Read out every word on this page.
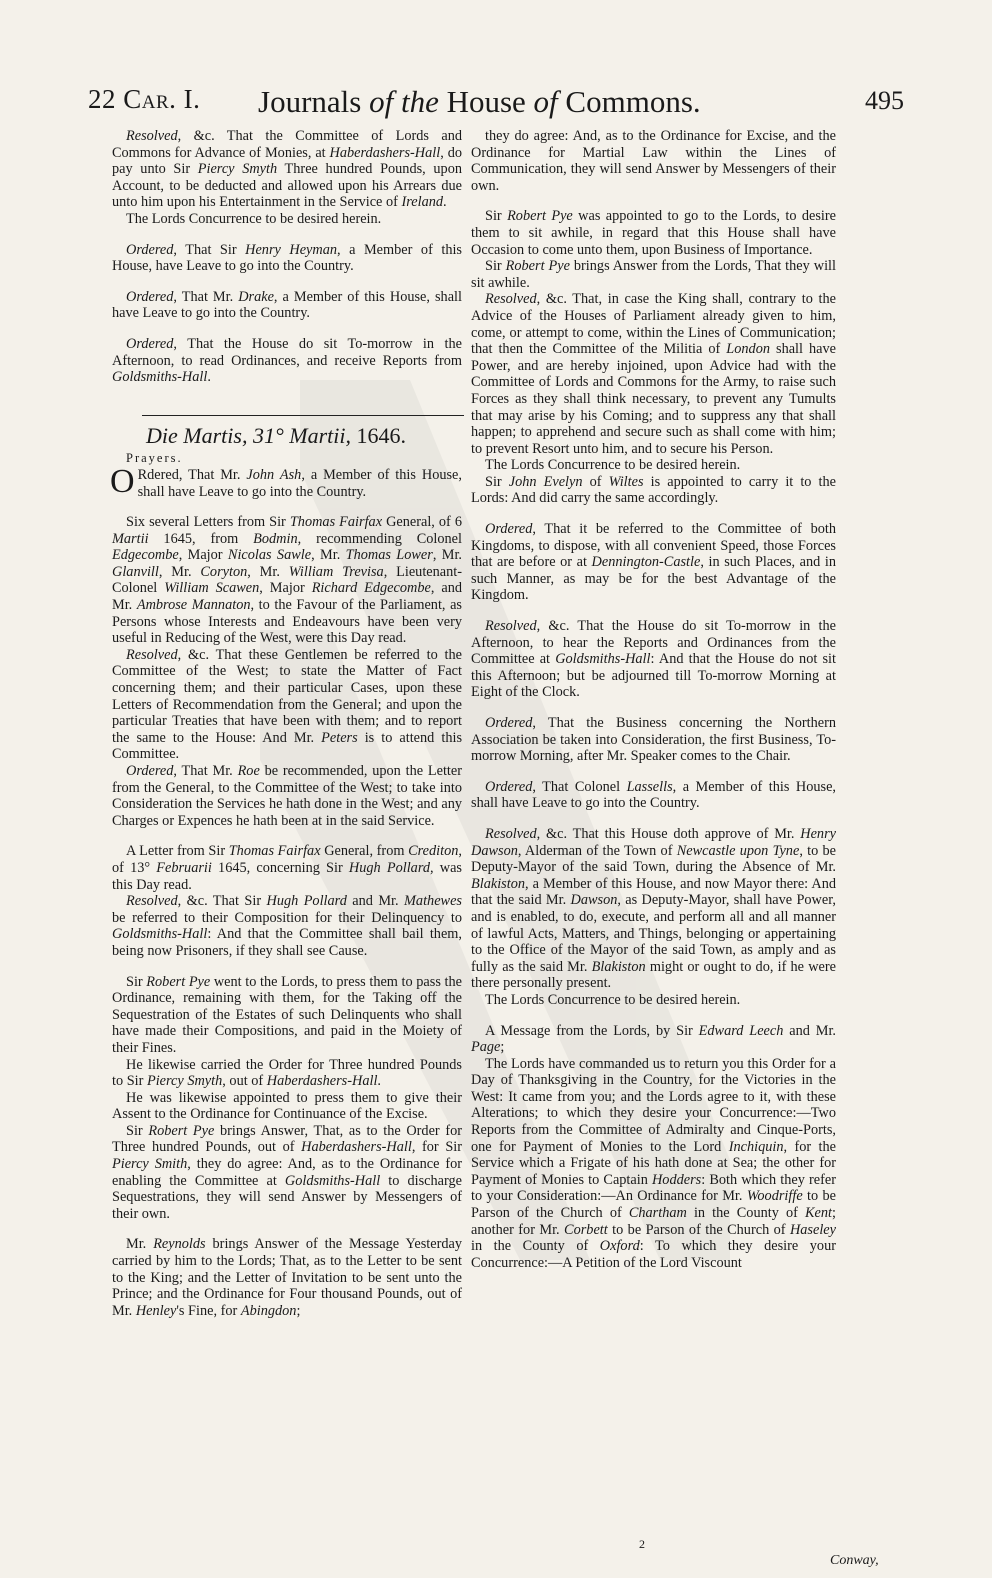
22 Car. I. Journals of the House of Commons.	495

Resolved, &c. That the Committee of Lords and Commons for Advance of Monies, at Haberdashers-Hall, do pay unto Sir Piercy Smyth Three hundred Pounds, upon Account, to be deducted and allowed upon his Arrears due unto him upon his Entertainment in the Service of Ireland.

The Lords Concurrence to be desired herein.

Ordered, That Sir Henry Heyman, a Member of this House, have Leave to go into the Country.

Ordered, That Mr. Drake, a Member of this House, shall have Leave to go into the Country.

Ordered, That the House do sit To-morrow in the Afternoon, to read Ordinances, and receive Reports from Goldsmiths-Hall.

Die Martis, 31° Martii, 1646.
Prayers.

O Rdered, That Mr. John Ash, a Member of this House, shall have Leave to go into the Country.

Six several Letters from Sir Thomas Fairfax General, of 6 Martii 1645, from Bodmin, recommending Colonel Edgecombe, Major Nicolas Sawle, Mr. Thomas Lower, Mr. Glanvill, Mr. Coryton, Mr. William Trevisa, Lieutenant-Colonel William Scawen, Major Richard Edgecombe, and Mr. Ambrose Mannaton, to the Favour of the Parliament, as Persons whose Interests and Endeavours have been very useful in Reducing of the West, were this Day read.

Resolved, &c. That these Gentlemen be referred to the Committee of the West; to state the Matter of Fact concerning them; and their particular Cases, upon these Letters of Recommendation from the General; and upon the particular Treaties that have been with them; and to report the same to the House: And Mr. Peters is to attend this Committee.

Ordered, That Mr. Roe be recommended, upon the Letter from the General, to the Committee of the West; to take into Consideration the Services he hath done in the West; and any Charges or Expences he hath been at in the said Service.

A Letter from Sir Thomas Fairfax General, from Crediton, of 13° Februarii 1645, concerning Sir Hugh Pollard, was this Day read.

Resolved, &c. That Sir Hugh Pollard and Mr. Mathewes be referred to their Composition for their Delinquency to Goldsmiths-Hall: And that the Committee shall bail them, being now Prisoners, if they shall see Cause.

Sir Robert Pye went to the Lords, to press them to pass the Ordinance, remaining with them, for the Taking off the Sequestration of the Estates of such Delinquents who shall have made their Compositions, and paid in the Moiety of their Fines.

He likewise carried the Order for Three hundred Pounds to Sir Piercy Smyth, out of Haberdashers-Hall.

He was likewise appointed to press them to give their Assent to the Ordinance for Continuance of the Excise.

Sir Robert Pye brings Answer, That, as to the Order for Three hundred Pounds, out of Haberdashers-Hall, for Sir Piercy Smith, they do agree: And, as to the Ordinance for enabling the Committee at Goldsmiths-Hall to discharge Sequestrations, they will send Answer by Messengers of their own.

Mr. Reynolds brings Answer of the Message Yesterday carried by him to the Lords; That, as to the Letter to be sent to the King; and the Letter of Invitation to be sent unto the Prince; and the Ordinance for Four thousand Pounds, out of Mr. Henley's Fine, for Abingdon;

they do agree: And, as to the Ordinance for Excise, and the Ordinance for Martial Law within the Lines of Communication, they will send Answer by Messengers of their own.

Sir Robert Pye was appointed to go to the Lords, to desire them to sit awhile, in regard that this House shall have Occasion to come unto them, upon Business of Importance.

Sir Robert Pye brings Answer from the Lords, That they will sit awhile.

Resolved, &c. That, in case the King shall, contrary to the Advice of the Houses of Parliament already given to him, come, or attempt to come, within the Lines of Communication; that then the Committee of the Militia of London shall have Power, and are hereby injoined, upon Advice had with the Committee of Lords and Commons for the Army, to raise such Forces as they shall think necessary, to prevent any Tumults that may arise by his Coming; and to suppress any that shall happen; to apprehend and secure such as shall come with him; to prevent Resort unto him, and to secure his Person.

The Lords Concurrence to be desired herein.

Sir John Evelyn of Wiltes is appointed to carry it to the Lords: And did carry the same accordingly.

Ordered, That it be referred to the Committee of both Kingdoms, to dispose, with all convenient Speed, those Forces that are before or at Dennington-Castle, in such Places, and in such Manner, as may be for the best Advantage of the Kingdom.

Resolved, &c. That the House do sit To-morrow in the Afternoon, to hear the Reports and Ordinances from the Committee at Goldsmiths-Hall: And that the House do not sit this Afternoon; but be adjourned till To-morrow Morning at Eight of the Clock.

Ordered, That the Business concerning the Northern Association be taken into Consideration, the first Business, To-morrow Morning, after Mr. Speaker comes to the Chair.

Ordered, That Colonel Lassells, a Member of this House, shall have Leave to go into the Country.

Resolved, &c. That this House doth approve of Mr. Henry Dawson, Alderman of the Town of Newcastle upon Tyne, to be Deputy-Mayor of the said Town, during the Absence of Mr. Blakiston, a Member of this House, and now Mayor there: And that the said Mr. Dawson, as Deputy-Mayor, shall have Power, and is enabled, to do, execute, and perform all and all manner of lawful Acts, Matters, and Things, belonging or appertaining to the Office of the Mayor of the said Town, as amply and as fully as the said Mr. Blakiston might or ought to do, if he were there personally present.

The Lords Concurrence to be desired herein.

A Message from the Lords, by Sir Edward Leech and Mr. Page;

The Lords have commanded us to return you this Order for a Day of Thanksgiving in the Country, for the Victories in the West: It came from you; and the Lords agree to it, with these Alterations; to which they desire your Concurrence:—Two Reports from the Committee of Admiralty and Cinque-Ports, one for Payment of Monies to the Lord Inchiquin, for the Service which a Frigate of his hath done at Sea; the other for Payment of Monies to Captain Hodders: Both which they refer to your Consideration:—An Ordinance for Mr. Woodriffe to be Parson of the Church of Chartham in the County of Kent; another for Mr. Corbett to be Parson of the Church of Haseley in the County of Oxford: To which they desire your Concurrence:—A Petition of the Lord Viscount

2
Conway,
